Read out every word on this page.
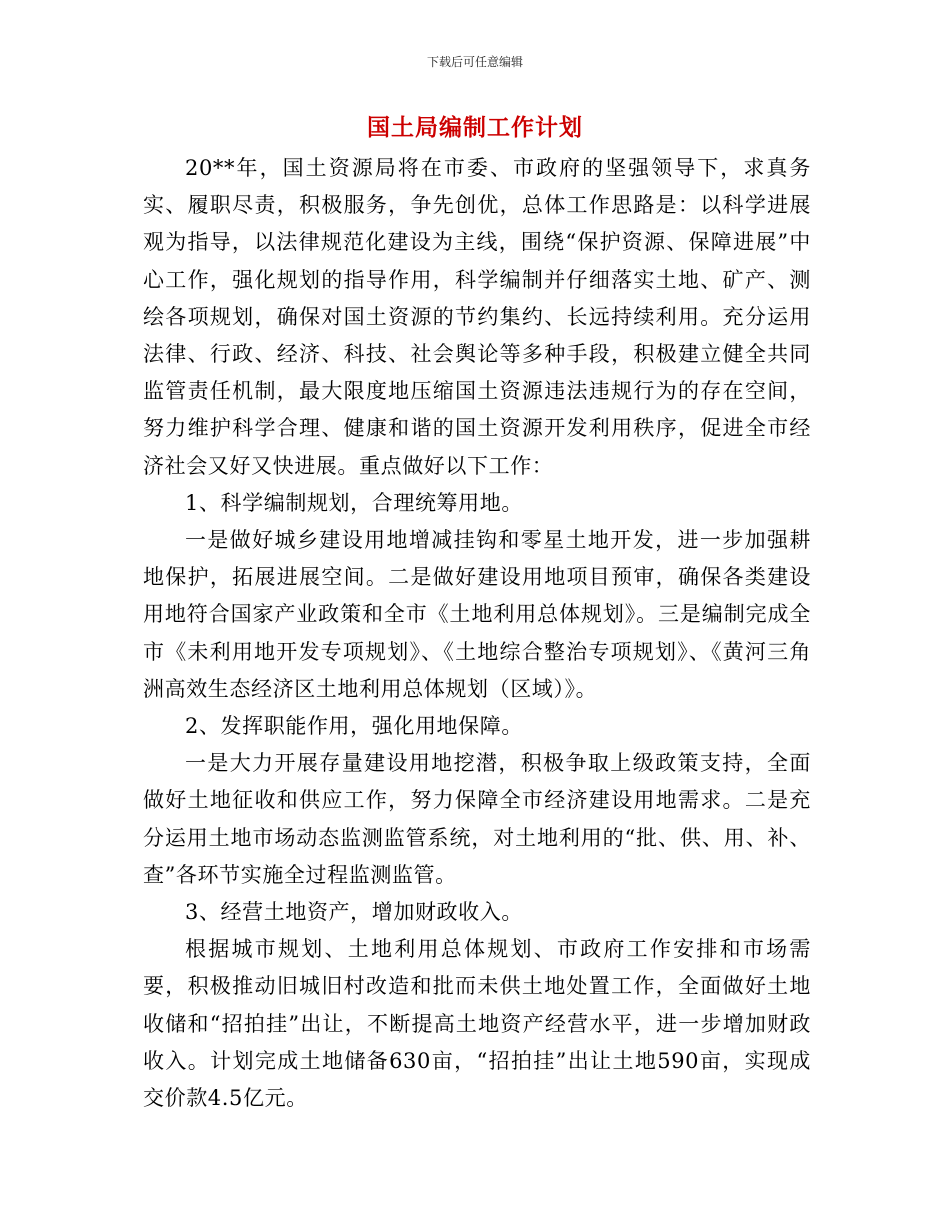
下载后可任意编辑
国土局编制工作计划

20**年，国土资源局将在市委、市政府的坚强领导下，求真务实、履职尽责，积极服务，争先创优，总体工作思路是：以科学进展观为指导，以法律规范化建设为主线，围绕“保护资源、保障进展”中心工作，强化规划的指导作用，科学编制并仔细落实土地、矿产、测绘各项规划，确保对国土资源的节约集约、长远持续利用。充分运用法律、行政、经济、科技、社会舆论等多种手段，积极建立健全共同监管责任机制，最大限度地压缩国土资源违法违规行为的存在空间，努力维护科学合理、健康和谐的国土资源开发利用秩序，促进全市经济社会又好又快进展。重点做好以下工作：

1、科学编制规划，合理统筹用地。

一是做好城乡建设用地增减挂钩和零星土地开发，进一步加强耕地保护，拓展进展空间。二是做好建设用地项目预审，确保各类建设用地符合国家产业政策和全市《土地利用总体规划》。三是编制完成全市《未利用地开发专项规划》、《土地综合整治专项规划》、《黄河三角洲高效生态经济区土地利用总体规划（区域）》。

2、发挥职能作用，强化用地保障。

一是大力开展存量建设用地挖潜，积极争取上级政策支持，全面做好土地征收和供应工作，努力保障全市经济建设用地需求。二是充分运用土地市场动态监测监管系统，对土地利用的“批、供、用、补、查”各环节实施全过程监测监管。

3、经营土地资产，增加财政收入。

根据城市规划、土地利用总体规划、市政府工作安排和市场需要，积极推动旧城旧村改造和批而未供土地处置工作，全面做好土地收储和“招拍挂”出让，不断提高土地资产经营水平，进一步增加财政收入。计划完成土地储备630亩，“招拍挂”出让土地590亩，实现成交价款4.5亿元。
